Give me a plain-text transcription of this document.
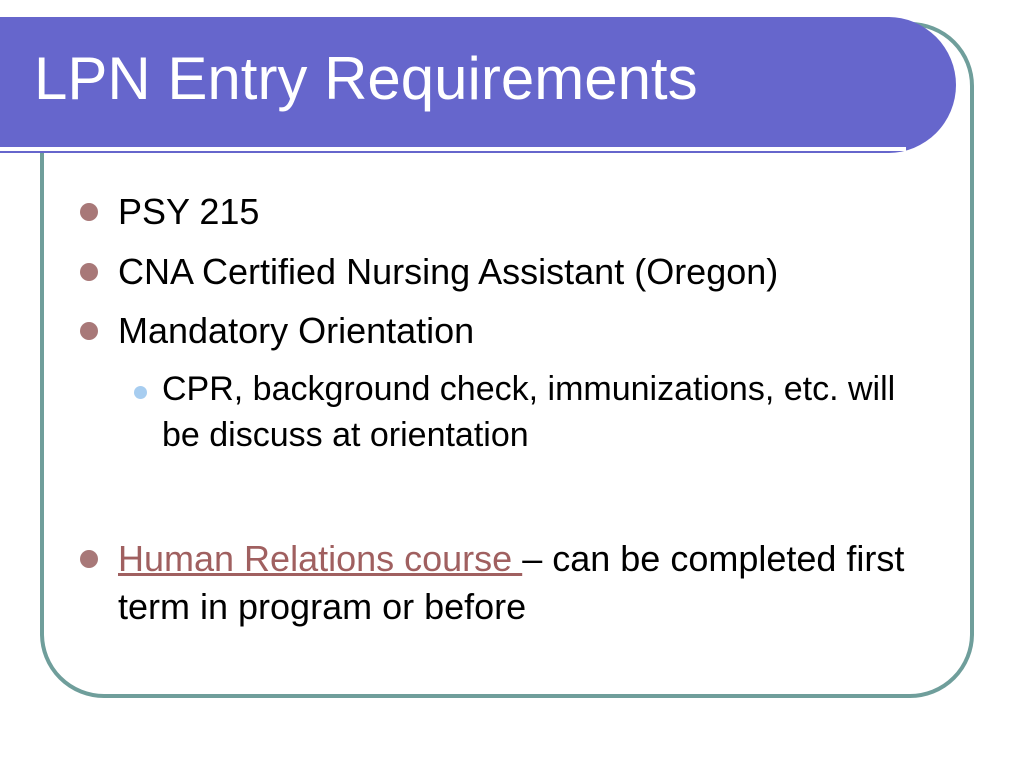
LPN Entry Requirements
PSY 215
CNA Certified Nursing Assistant (Oregon)
Mandatory Orientation
CPR, background check, immunizations, etc. will be discuss at orientation
Human Relations course – can be completed first term in program or before
